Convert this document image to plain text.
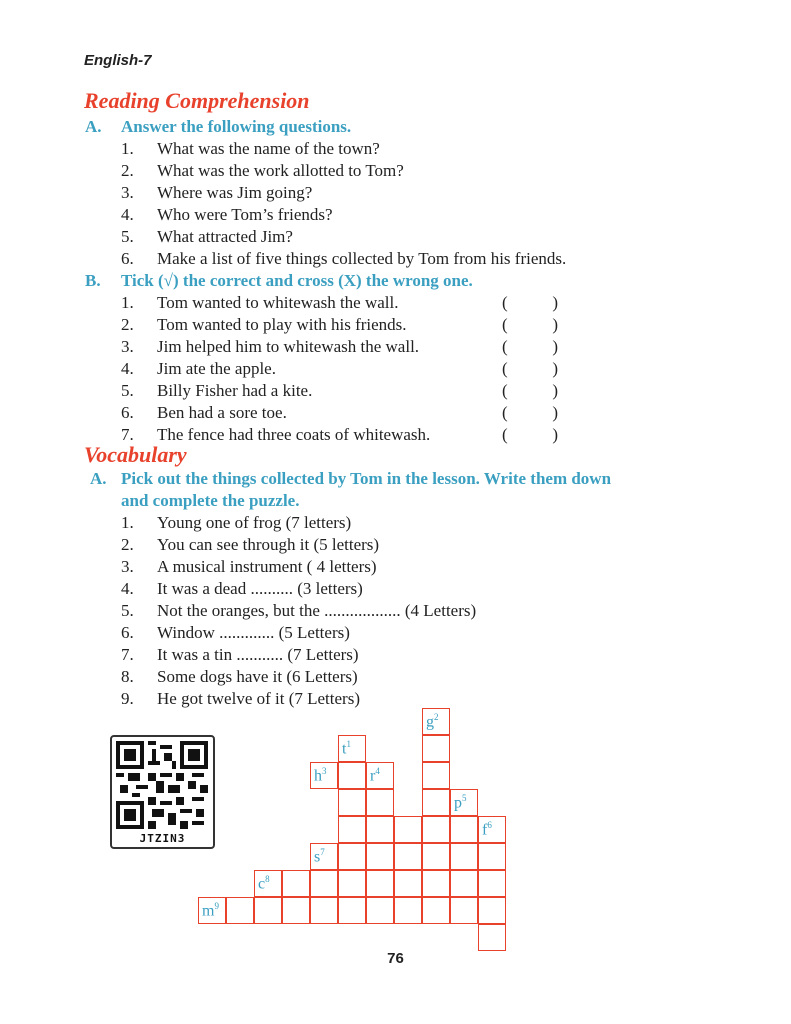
English-7
Reading Comprehension
A. Answer the following questions.
1.	What was the name of the town?
2.	What was the work allotted to Tom?
3.	Where was Jim going?
4.	Who were Tom’s friends?
5.	What attracted Jim?
6.	Make a list of five things collected by Tom from his friends.
B. Tick (√) the correct and cross (X) the wrong one.
1.	Tom wanted to whitewash the wall.	(	)
2.	Tom wanted to play with his friends.	(	)
3.	Jim helped him to whitewash the wall.	(	)
4.	Jim ate the apple.	(	)
5.	Billy Fisher had a kite.	(	)
6.	Ben had a sore toe.	(	)
7.	The fence had three coats of whitewash.	(	)
Vocabulary
A. Pick out the things collected by Tom in the lesson. Write them down
and complete the puzzle.
1.	Young one of frog (7 letters)
2.	You can see through it (5 letters)
3.	A musical instrument ( 4 letters)
4.	It was a dead .......... (3 letters)
5.	Not the oranges, but the .................. (4 Letters)
6.	Window ............. (5 Letters)
7.	It was a tin ........... (7 Letters)
8.	Some dogs have it (6 Letters)
9.	He got twelve of it (7 Letters)
JTZIN3
$g^2$
$t^1$
$h^3$	$r^4$
$p^5$
$f^6$
$s^7$
$c^8$
$m^9$
76
